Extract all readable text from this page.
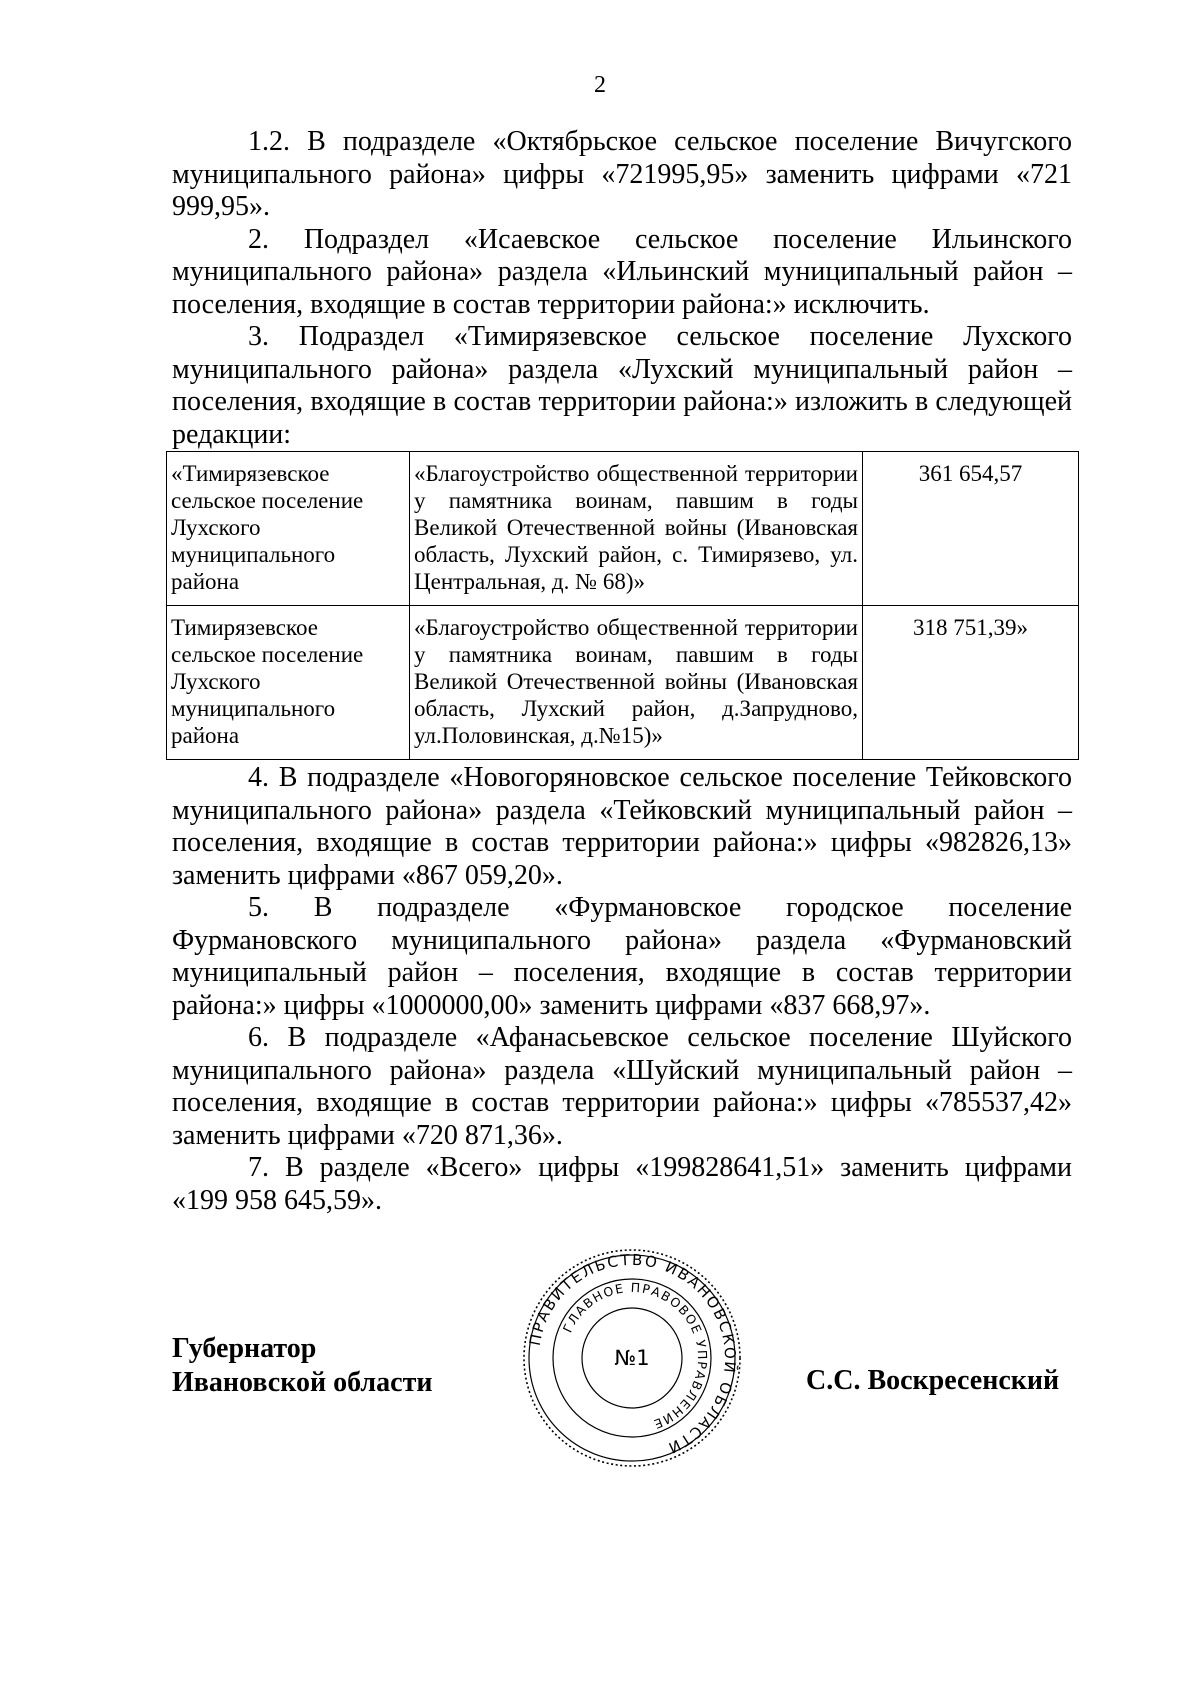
2

1.2. В подразделе «Октябрьское сельское поселение Вичугского муниципального района» цифры «721995,95» заменить цифрами «721 999,95».

2. Подраздел «Исаевское сельское поселение Ильинского муниципального района» раздела «Ильинский муниципальный район – поселения, входящие в состав территории района:» исключить.

3. Подраздел «Тимирязевское сельское поселение Лухского муниципального района» раздела «Лухский муниципальный район – поселения, входящие в состав территории района:» изложить в следующей редакции:

«Тимирязевское сельское поселение Лухского муниципального района	«Благоустройство общественной территории у памятника воинам, павшим в годы Великой Отечественной войны (Ивановская область, Лухский район, с. Тимирязево, ул. Центральная, д. № 68)»	361 654,57
Тимирязевское сельское поселение Лухского муниципального района	«Благоустройство общественной территории у памятника воинам, павшим в годы Великой Отечественной войны (Ивановская область, Лухский район, д.Запрудново, ул.Половинская, д.№15)»	318 751,39»

4. В подразделе «Новогоряновское сельское поселение Тейковского муниципального района» раздела «Тейковский муниципальный район – поселения, входящие в состав территории района:» цифры «982826,13» заменить цифрами «867 059,20».

5. В подразделе «Фурмановское городское поселение Фурмановского муниципального района» раздела «Фурмановский муниципальный район – поселения, входящие в состав территории района:» цифры «1000000,00» заменить цифрами «837 668,97».

6. В подразделе «Афанасьевское сельское поселение Шуйского муниципального района» раздела «Шуйский муниципальный район – поселения, входящие в состав территории района:» цифры «785537,42» заменить цифрами «720 871,36».

7. В разделе «Всего» цифры «199828641,51» заменить цифрами «199 958 645,59».

Губернатор
Ивановской области	С.С. Воскресенский
ПРАВИТЕЛЬСТВО ИВАНОВСКОЙ ОБЛАСТИ
ГЛАВНОЕ ПРАВОВОЕ УПРАВЛЕНИЕ
№1
